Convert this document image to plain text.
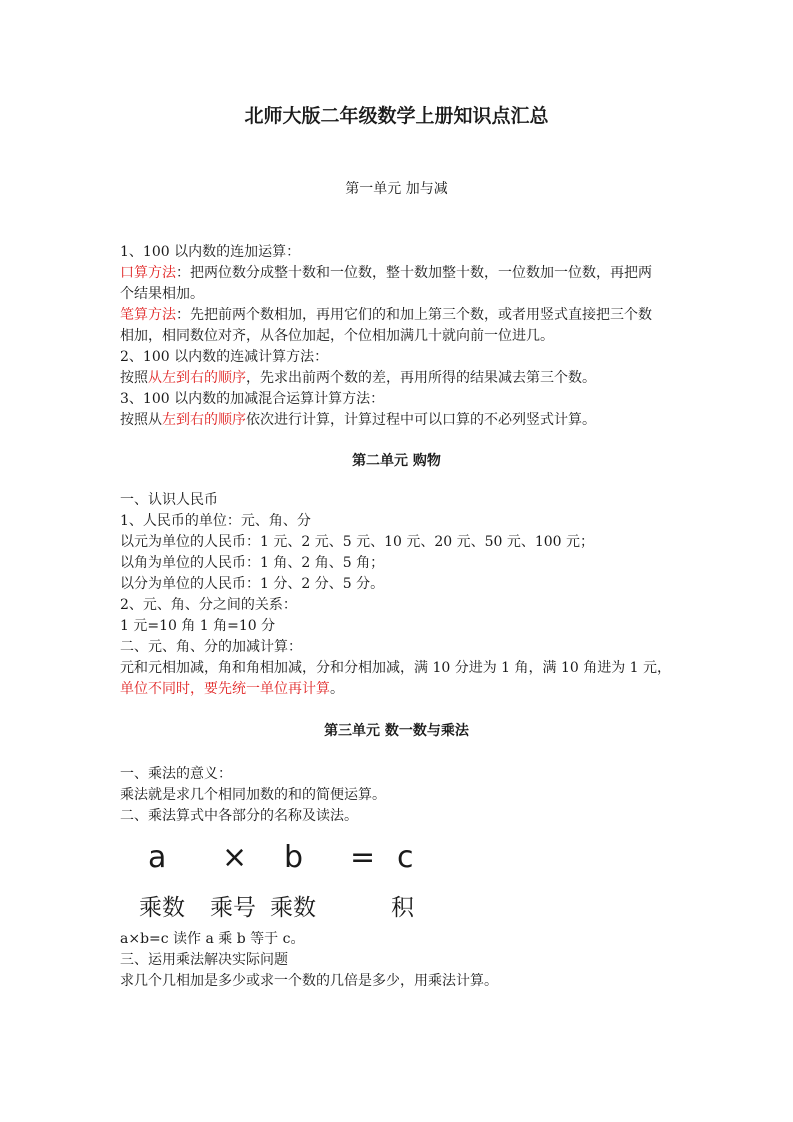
北师大版二年级数学上册知识点汇总
第一单元 加与减
1、100 以内数的连加运算：
口算方法：把两位数分成整十数和一位数，整十数加整十数，一位数加一位数，再把两
个结果相加。
笔算方法：先把前两个数相加，再用它们的和加上第三个数，或者用竖式直接把三个数
相加，相同数位对齐，从各位加起，个位相加满几十就向前一位进几。
2、100 以内数的连减计算方法：
按照从左到右的顺序，先求出前两个数的差，再用所得的结果减去第三个数。
3、100 以内数的加减混合运算计算方法：
按照从左到右的顺序依次进行计算，计算过程中可以口算的不必列竖式计算。
第二单元 购物
一、认识人民币
1、人民币的单位：元、角、分
以元为单位的人民币：1 元、2 元、5 元、10 元、20 元、50 元、100 元；
以角为单位的人民币：1 角、2 角、5 角；
以分为单位的人民币：1 分、2 分、5 分。
2、元、角、分之间的关系：
1 元=10 角 1 角=10 分
二、元、角、分的加减计算：
元和元相加减，角和角相加减，分和分相加减，满 10 分进为 1 角，满 10 角进为 1 元，
单位不同时，要先统一单位再计算。
第三单元 数一数与乘法
一、乘法的意义：
乘法就是求几个相同加数的和的简便运算。
二、乘法算式中各部分的名称及读法。
a × b = c
乘数 乘号 乘数	积
a×b=c 读作 a 乘 b 等于 c。
三、运用乘法解决实际问题
求几个几相加是多少或求一个数的几倍是多少，用乘法计算。
